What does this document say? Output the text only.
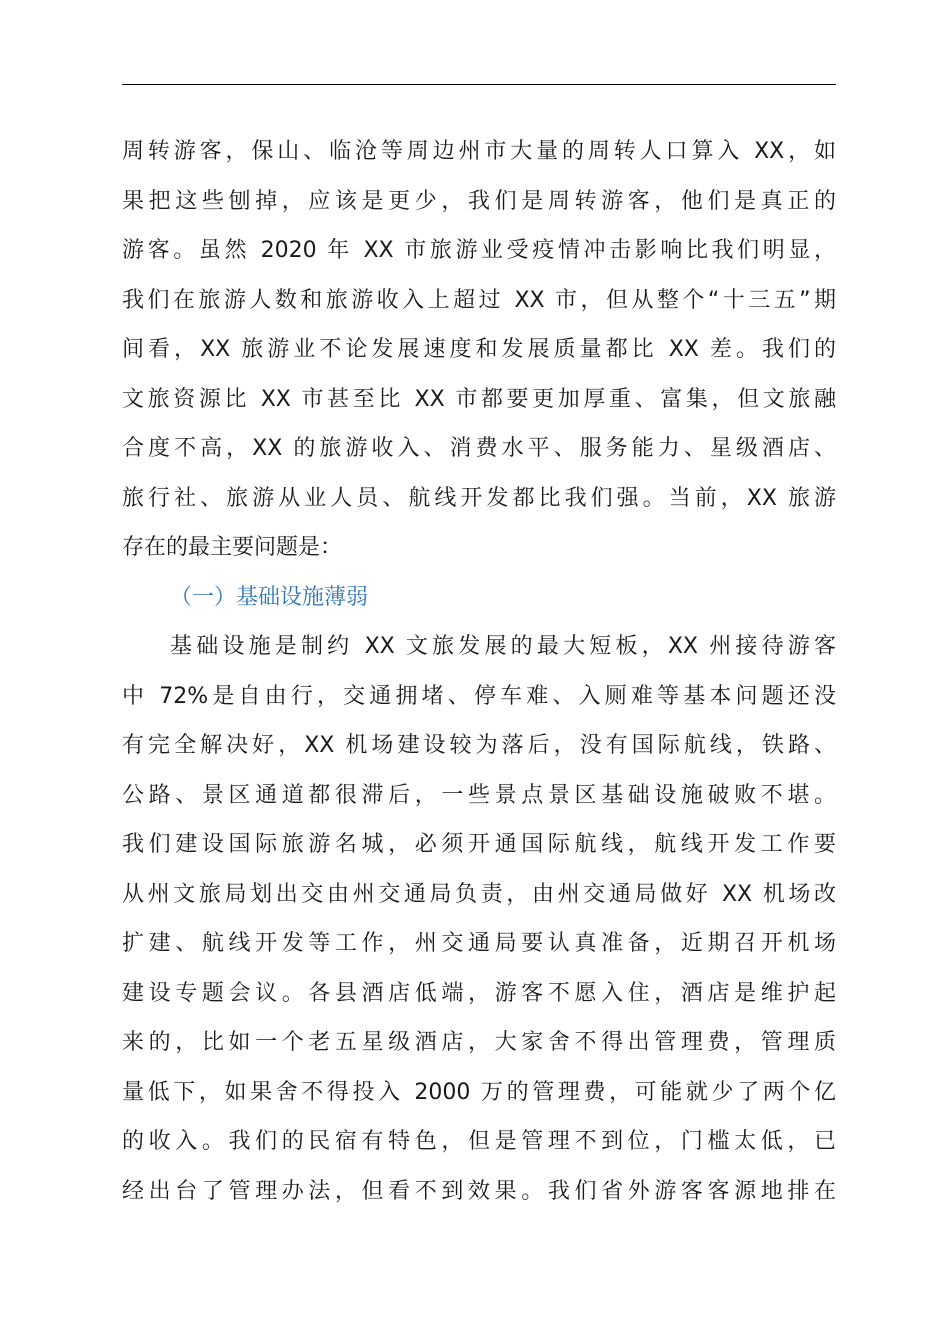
周转游客，保山、临沧等周边州市大量的周转人口算入 XX，如
果把这些刨掉，应该是更少，我们是周转游客，他们是真正的
游客。虽然 2020 年 XX 市旅游业受疫情冲击影响比我们明显，
我们在旅游人数和旅游收入上超过 XX 市，但从整个“十三五”期
间看，XX 旅游业不论发展速度和发展质量都比 XX 差。我们的
文旅资源比 XX 市甚至比 XX 市都要更加厚重、富集，但文旅融
合度不高，XX 的旅游收入、消费水平、服务能力、星级酒店、
旅行社、旅游从业人员、航线开发都比我们强。当前，XX 旅游
存在的最主要问题是：
（一）基础设施薄弱
基础设施是制约 XX 文旅发展的最大短板，XX 州接待游客
中 72%是自由行，交通拥堵、停车难、入厕难等基本问题还没
有完全解决好，XX 机场建设较为落后，没有国际航线，铁路、
公路、景区通道都很滞后，一些景点景区基础设施破败不堪。
我们建设国际旅游名城，必须开通国际航线，航线开发工作要
从州文旅局划出交由州交通局负责，由州交通局做好 XX 机场改
扩建、航线开发等工作，州交通局要认真准备，近期召开机场
建设专题会议。各县酒店低端，游客不愿入住，酒店是维护起
来的，比如一个老五星级酒店，大家舍不得出管理费，管理质
量低下，如果舍不得投入 2000 万的管理费，可能就少了两个亿
的收入。我们的民宿有特色，但是管理不到位，门槛太低，已
经出台了管理办法，但看不到效果。我们省外游客客源地排在
